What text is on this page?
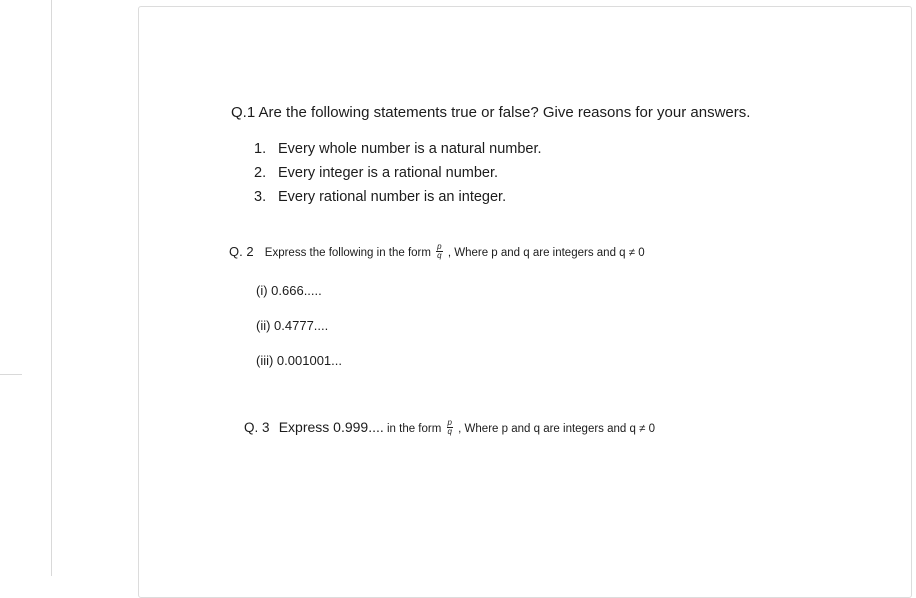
Q.1 Are the following statements true or false? Give reasons for your answers.
1. Every whole number is a natural number.
2. Every integer is a rational number.
3. Every rational number is an integer.
Q. 2 Express the following in the form $\frac{p}{q}$ , Where p and q are integers and q ≠ 0
(i) 0.666.....
(ii) 0.4777....
(iii) 0.001001...
Q. 3 Express 0.999.... in the form $\frac{p}{q}$ , Where p and q are integers and q ≠ 0
